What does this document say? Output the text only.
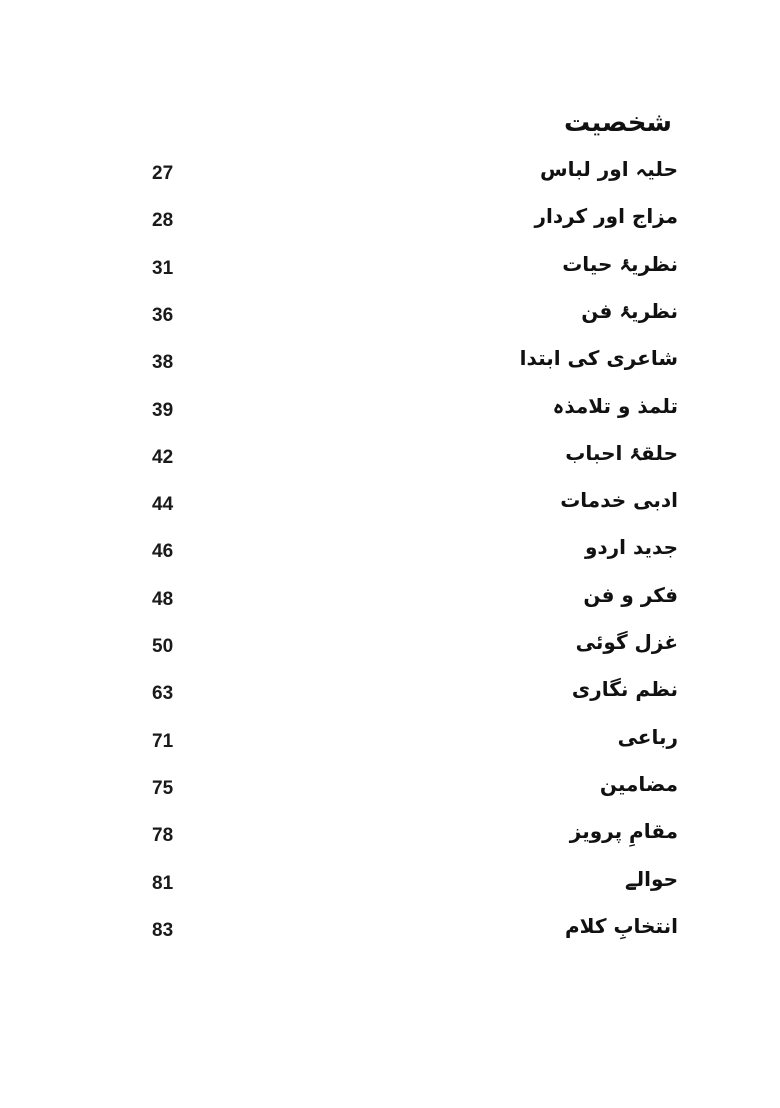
شخصیت
27	حلیہ اور لباس
28	مزاج اور کردار
31	نظریۂ حیات
36	نظریۂ فن
38	شاعری کی ابتدا
39	تلمذ و تلامذہ
42	حلقۂ احباب
44	ادبی خدمات
46	جدید اردو
48	فکر و فن
50	غزل گوئی
63	نظم نگاری
71	رباعی
75	مضامین
78	مقامِ پرویز
81	حوالے
83	انتخابِ کلام
